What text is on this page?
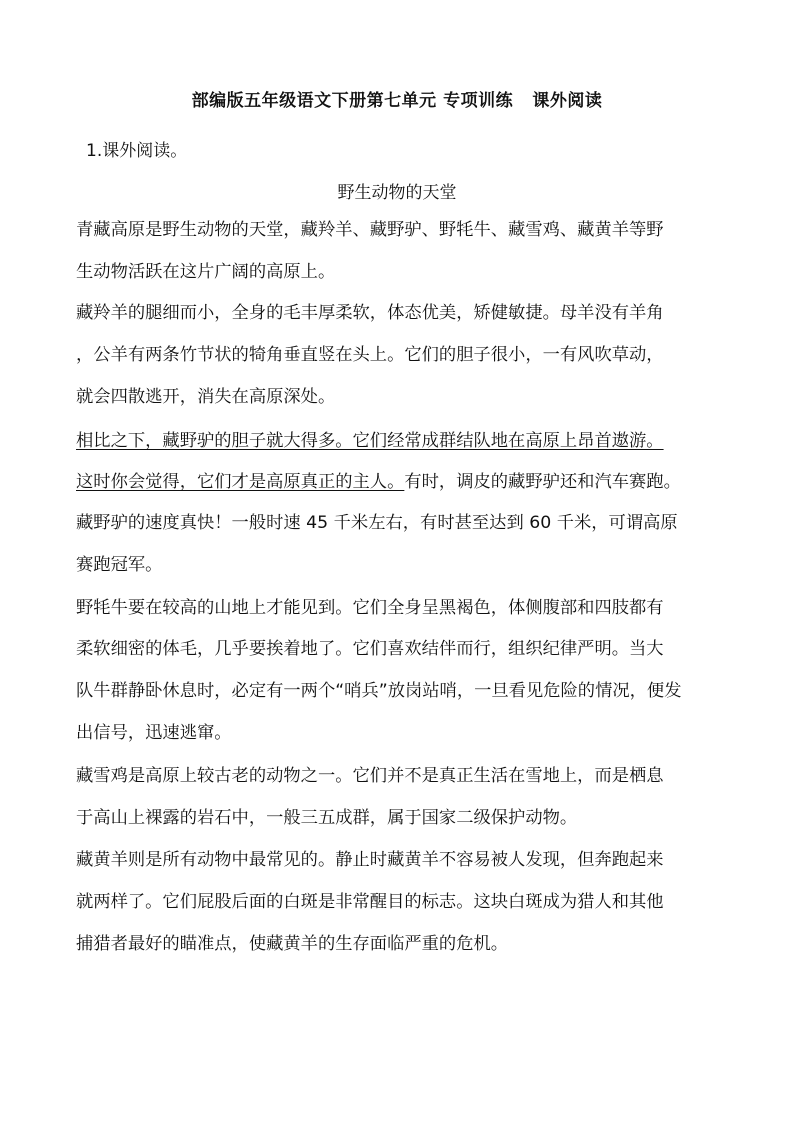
部编版五年级语文下册第七单元 专项训练   课外阅读
1.课外阅读。
野生动物的天堂
青藏高原是野生动物的天堂，藏羚羊、藏野驴、野牦牛、藏雪鸡、藏黄羊等野
生动物活跃在这片广阔的高原上。
藏羚羊的腿细而小，全身的毛丰厚柔软，体态优美，矫健敏捷。母羊没有羊角
，公羊有两条竹节状的犄角垂直竖在头上。它们的胆子很小，一有风吹草动，
就会四散逃开，消失在高原深处。
相比之下，藏野驴的胆子就大得多。它们经常成群结队地在高原上昂首遨游。
这时你会觉得，它们才是高原真正的主人。有时，调皮的藏野驴还和汽车赛跑。
藏野驴的速度真快！一般时速 45 千米左右，有时甚至达到 60 千米，可谓高原
赛跑冠军。
野牦牛要在较高的山地上才能见到。它们全身呈黑褐色，体侧腹部和四肢都有
柔软细密的体毛，几乎要挨着地了。它们喜欢结伴而行，组织纪律严明。当大
队牛群静卧休息时，必定有一两个“哨兵”放岗站哨，一旦看见危险的情况，便发
出信号，迅速逃窜。
藏雪鸡是高原上较古老的动物之一。它们并不是真正生活在雪地上，而是栖息
于高山上裸露的岩石中，一般三五成群，属于国家二级保护动物。
藏黄羊则是所有动物中最常见的。静止时藏黄羊不容易被人发现，但奔跑起来
就两样了。它们屁股后面的白斑是非常醒目的标志。这块白斑成为猎人和其他
捕猎者最好的瞄准点，使藏黄羊的生存面临严重的危机。
